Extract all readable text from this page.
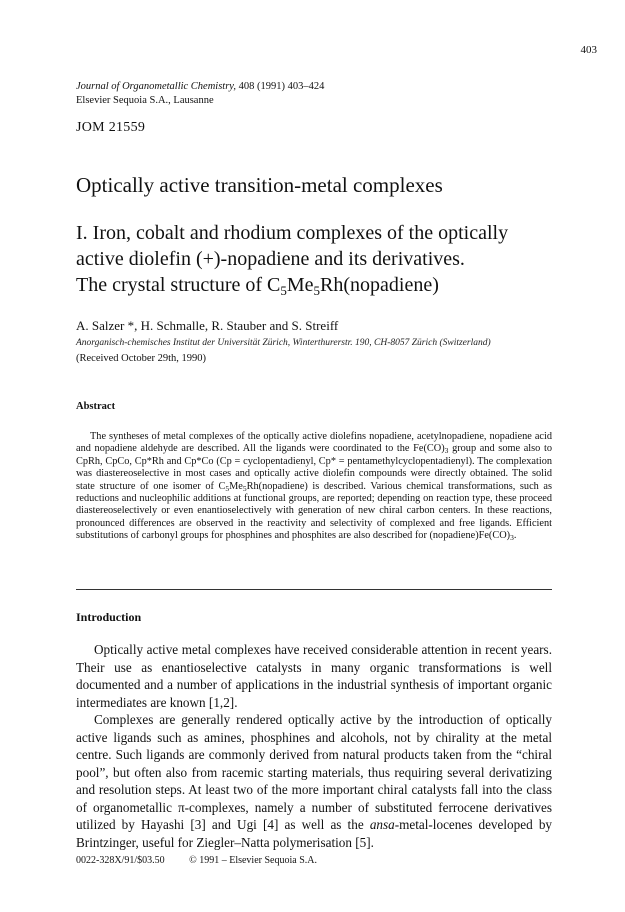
403
Journal of Organometallic Chemistry, 408 (1991) 403–424
Elsevier Sequoia S.A., Lausanne
JOM 21559
Optically active transition-metal complexes
I. Iron, cobalt and rhodium complexes of the optically
active diolefin (+)-nopadiene and its derivatives.
The crystal structure of $C_5Me_5Rh(nopadiene)$
A. Salzer *, H. Schmalle, R. Stauber and S. Streiff
Anorganisch-chemisches Institut der Universität Zürich, Winterthurerstr. 190, CH-8057 Zürich (Switzerland)
(Received October 29th, 1990)
Abstract

The syntheses of metal complexes of the optically active diolefins nopadiene, acetylnopadiene, nopadiene acid and nopadiene aldehyde are described. All the ligands were coordinated to the $Fe(CO)_3$ group and some also to CpRh, CpCo, Cp*Rh and Cp*Co (Cp = cyclopentadienyl, Cp* = pentamethylcyclopentadienyl). The complexation was diastereoselective in most cases and optically active diolefin compounds were directly obtained. The solid state structure of one isomer of $C_5Me_5Rh(nopadiene)$ is described. Various chemical transformations, such as reductions and nucleophilic additions at functional groups, are reported; depending on reaction type, these proceed diastereoselectively or even enantioselectively with generation of new chiral carbon centers. In these reactions, pronounced differences are observed in the reactivity and selectivity of complexed and free ligands. Efficient substitutions of carbonyl groups for phosphines and phosphites are also described for $(nopadiene)Fe(CO)_3$.

Introduction

Optically active metal complexes have received considerable attention in recent years. Their use as enantioselective catalysts in many organic transformations is well documented and a number of applications in the industrial synthesis of important organic intermediates are known [1,2].

Complexes are generally rendered optically active by the introduction of optically active ligands such as amines, phosphines and alcohols, not by chirality at the metal centre. Such ligands are commonly derived from natural products taken from the “chiral pool”, but often also from racemic starting materials, thus requiring several derivatizing and resolution steps. At least two of the more important chiral catalysts fall into the class of organometallic π-complexes, namely a number of substituted ferrocene derivatives utilized by Hayashi [3] and Ugi [4] as well as the ansa-metal-locenes developed by Brintzinger, useful for Ziegler–Natta polymerisation [5].

0022-328X/91/$03.50 © 1991 – Elsevier Sequoia S.A.
